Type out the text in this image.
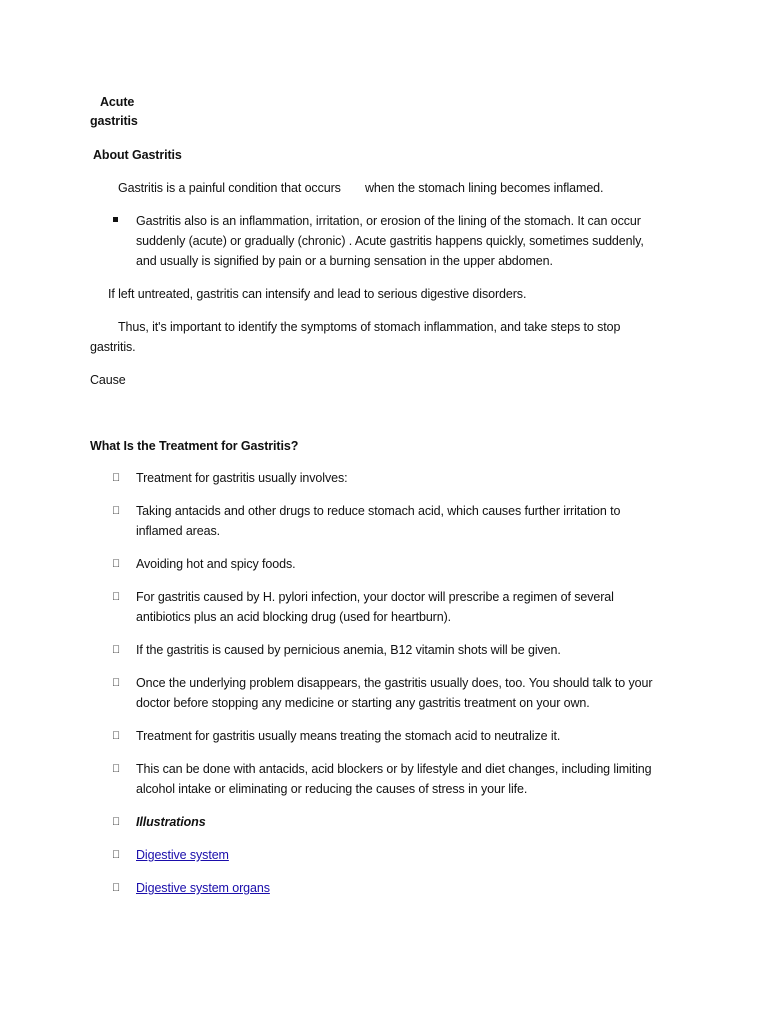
Acute
gastritis
About Gastritis
Gastritis is a painful condition that occurs when the stomach lining becomes inflamed.
Gastritis also is an inflammation, irritation, or erosion of the lining of the stomach. It can occur
suddenly (acute) or gradually (chronic) . Acute gastritis happens quickly, sometimes suddenly,
and usually is signified by pain or a burning sensation in the upper abdomen.
If left untreated, gastritis can intensify and lead to serious digestive disorders.
Thus, it's important to identify the symptoms of stomach inflammation, and take steps to stop
gastritis.
Cause
What Is the Treatment for Gastritis?
Treatment for gastritis usually involves:
Taking antacids and other drugs to reduce stomach acid, which causes further irritation to
inflamed areas.
Avoiding hot and spicy foods.
For gastritis caused by H. pylori infection, your doctor will prescribe a regimen of several
antibiotics plus an acid blocking drug (used for heartburn).
If the gastritis is caused by pernicious anemia, B12 vitamin shots will be given.
Once the underlying problem disappears, the gastritis usually does, too. You should talk to your
doctor before stopping any medicine or starting any gastritis treatment on your own.
Treatment for gastritis usually means treating the stomach acid to neutralize it.
This can be done with antacids, acid blockers or by lifestyle and diet changes, including limiting
alcohol intake or eliminating or reducing the causes of stress in your life.
Illustrations
Digestive system
Digestive system organs
